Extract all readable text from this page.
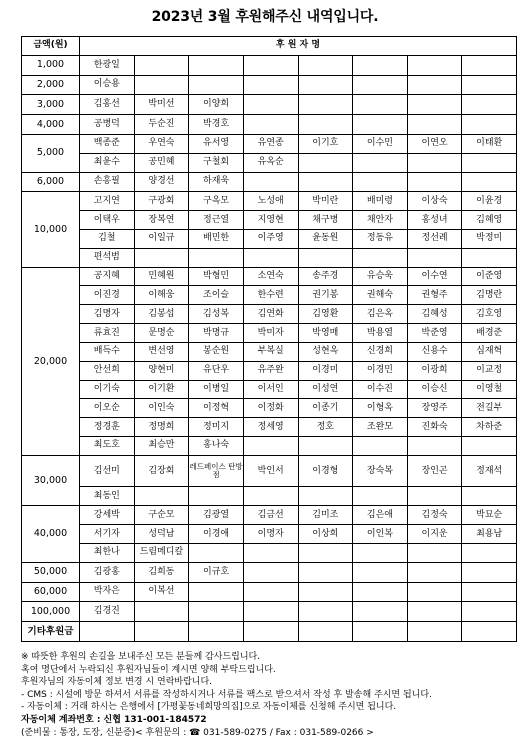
2023년 3월 후원해주신 내역입니다.
금액(원)	후 원 자 명							
1,000	한광일							
2,000	이승용							
3,000	김홍선	박미선	이양희					
4,000	공병덕	두순진	박경호					
5,000	백종준	우연숙	유서영	유연종	이기호	이수민	이연오	이태환
	최윤수	공민혜	구철회	유옥순				
6,000	손흥필	양경선	하재욱					
10,000	고지연	구광회	구옥모	노성애	박미란	배미령	이상숙	이윤경
	이택우	장복연	정근열	지영현	채구병	채안자	홍성녀	김혜영
	김철	이일규	배민한	이주영	윤동원	정동유	정선례	박정미
	편석범							
20,000	공지혜	민혜원	박형민	소연숙	송주경	유승욱	이수연	이준영
	이진경	이해웅	조이슬	한수련	권기봉	권해숙	권형주	김명란
	김명자	김봉섭	김성복	김연화	김영환	김은옥	김혜성	김호영
	류효진	문명순	박명규	박미자	박영매	박용열	박준영	배경준
	배득수	변선영	봉순원	부복실	성현옥	신경희	신용수	심재혁
	안선희	양현미	유단우	유주완	이경미	이경민	이광희	이교정
	이기숙	이기환	이병일	이서인	이성연	이수진	이승신	이영철
	이오순	이인숙	이정혁	이정화	이종기	이형옥	장영주	전길부
	정경훈	정명희	정미지	정세영	정호	조완모	진화숙	차하준
	최도호	최승만	홍나숙					
30,000	김선미	김장회	레드페이스 탄방점	박인서	이경형	장숙복	장인곤	정재석
	최동인							
40,000	강세박	구순모	김광열	김금선	김미조	김은애	김정숙	박묘순
	서기자	성덕남	이경애	이명자	이상희	이인복	이지운	최용남
	최한나	드림메디칼						
50,000	김광홍	김희동	이규호					
60,000	박자은	이복선						
100,000	김경진							
기타후원금								
※ 따뜻한 후원의 손길을 보내주신 모든 분들께 감사드립니다.
혹여 명단에서 누락되신 후원자님들이 계시면 양해 부탁드립니다.
후원자님의 자동이체 정보 변경 시 연락바랍니다.
- CMS : 시설에 방문 하셔서 서류를 작성하시거나 서류를 팩스로 받으셔서 작성 후 발송해 주시면 됩니다.
- 자동이체 : 거래 하시는 은행에서 [가평꽃동네희망의집]으로 자동이체를 신청해 주시면 됩니다.
자동이체 계좌번호 : 신협 131-001-184572
(준비물 : 통장, 도장, 신분증)< 후원문의 : ☎ 031-589-0275 / Fax : 031-589-0266 >
